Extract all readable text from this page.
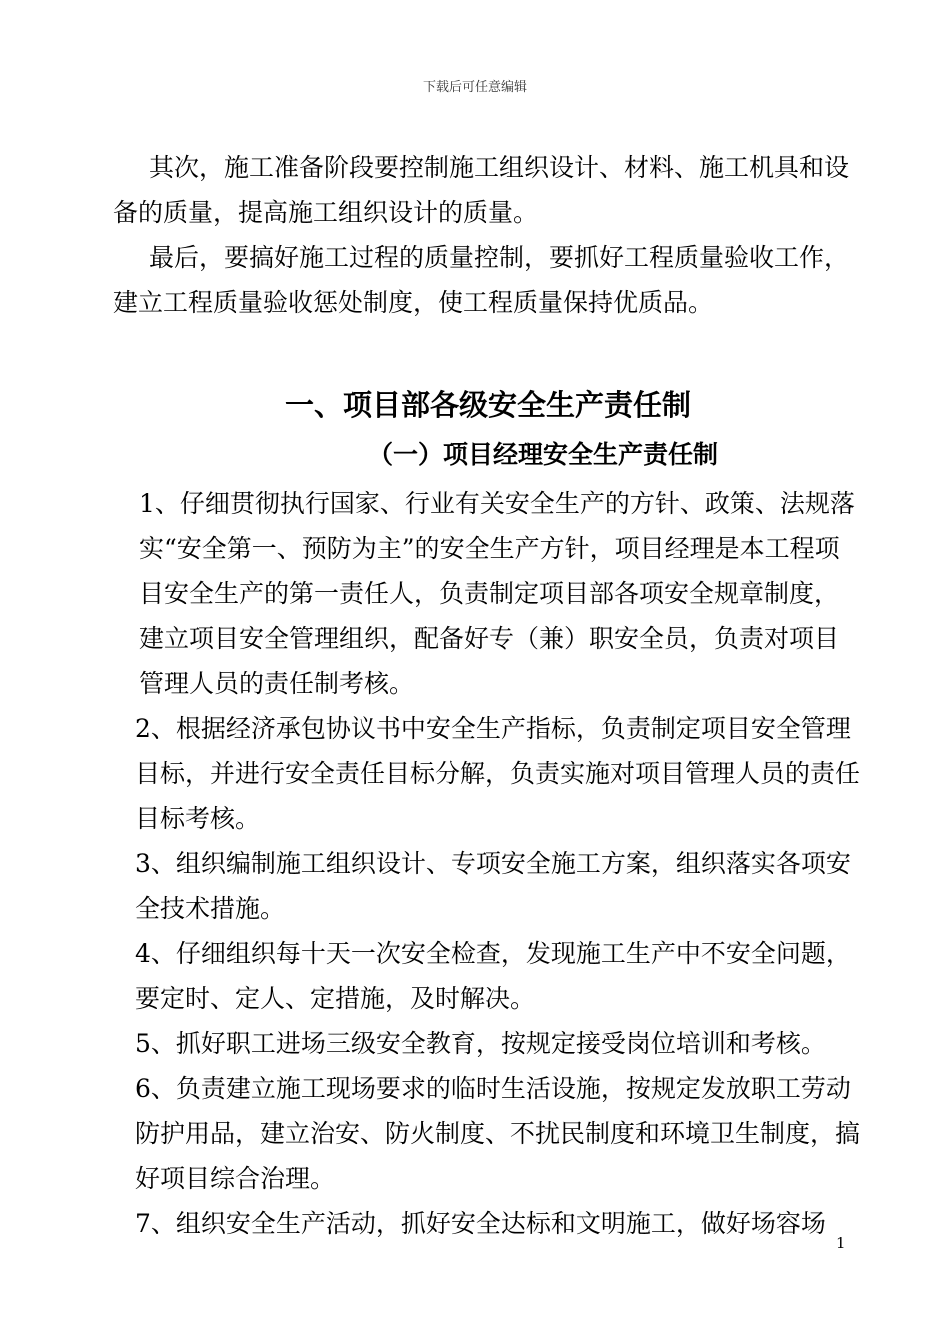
下载后可任意编辑

其次，施工准备阶段要控制施工组织设计、材料、施工机具和设备的质量，提高施工组织设计的质量。

最后，要搞好施工过程的质量控制，要抓好工程质量验收工作，建立工程质量验收惩处制度，使工程质量保持优质品。

一、项目部各级安全生产责任制
（一）项目经理安全生产责任制

1、仔细贯彻执行国家、行业有关安全生产的方针、政策、法规落实“安全第一、预防为主”的安全生产方针，项目经理是本工程项目安全生产的第一责任人，负责制定项目部各项安全规章制度，建立项目安全管理组织，配备好专（兼）职安全员，负责对项目管理人员的责任制考核。

2、根据经济承包协议书中安全生产指标，负责制定项目安全管理目标，并进行安全责任目标分解，负责实施对项目管理人员的责任目标考核。

3、组织编制施工组织设计、专项安全施工方案，组织落实各项安全技术措施。

4、仔细组织每十天一次安全检查，发现施工生产中不安全问题，要定时、定人、定措施，及时解决。

5、抓好职工进场三级安全教育，按规定接受岗位培训和考核。

6、负责建立施工现场要求的临时生活设施，按规定发放职工劳动防护用品，建立治安、防火制度、不扰民制度和环境卫生制度，搞好项目综合治理。

7、组织安全生产活动，抓好安全达标和文明施工，做好场容场

1
